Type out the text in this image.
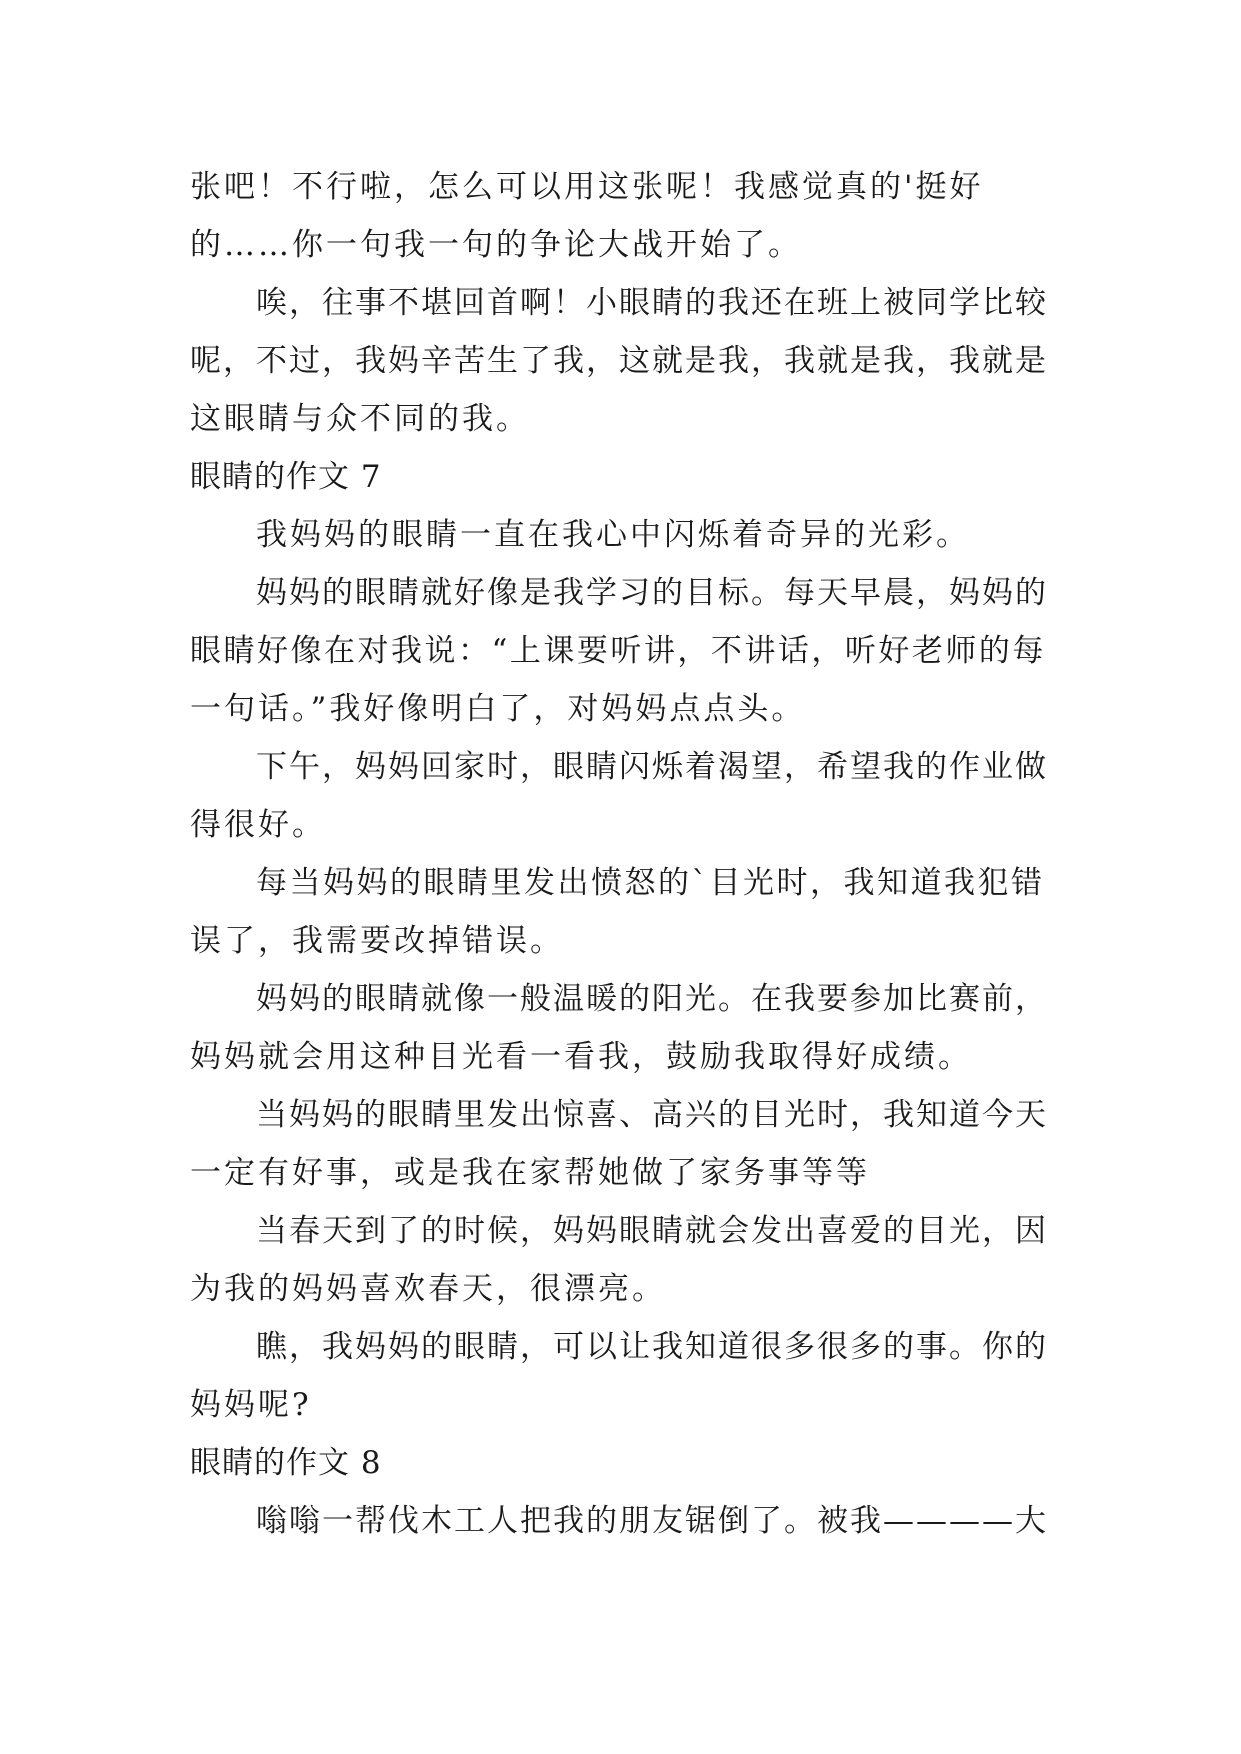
张吧！不行啦，怎么可以用这张呢！我感觉真的'挺好
的……你一句我一句的争论大战开始了。
唉，往事不堪回首啊！小眼睛的我还在班上被同学比较
呢，不过，我妈辛苦生了我，这就是我，我就是我，我就是
这眼睛与众不同的我。
眼睛的作文 7
我妈妈的眼睛一直在我心中闪烁着奇异的光彩。
妈妈的眼睛就好像是我学习的目标。每天早晨，妈妈的
眼睛好像在对我说：“上课要听讲，不讲话，听好老师的每
一句话。”我好像明白了，对妈妈点点头。
下午，妈妈回家时，眼睛闪烁着渴望，希望我的作业做
得很好。
每当妈妈的眼睛里发出愤怒的`目光时，我知道我犯错
误了，我需要改掉错误。
妈妈的眼睛就像一般温暖的阳光。在我要参加比赛前，
妈妈就会用这种目光看一看我，鼓励我取得好成绩。
当妈妈的眼睛里发出惊喜、高兴的目光时，我知道今天
一定有好事，或是我在家帮她做了家务事等等
当春天到了的时候，妈妈眼睛就会发出喜爱的目光，因
为我的妈妈喜欢春天，很漂亮。
瞧，我妈妈的眼睛，可以让我知道很多很多的事。你的
妈妈呢?
眼睛的作文 8
嗡嗡一帮伐木工人把我的朋友锯倒了。被我————大
